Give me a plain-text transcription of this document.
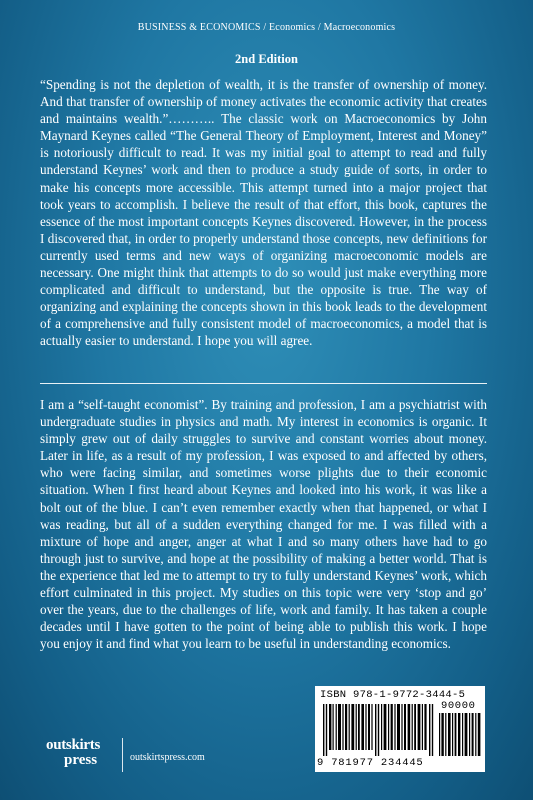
BUSINESS & ECONOMICS / Economics / Macroeconomics
2nd Edition

“Spending is not the depletion of wealth, it is the transfer of ownership of money. And that transfer of ownership of money activates the economic activity that creates and maintains wealth.”……….. The classic work on Macroeconomics by John Maynard Keynes called “The General Theory of Employment, Interest and Money” is notoriously difficult to read. It was my initial goal to attempt to read and fully understand Keynes’ work and then to produce a study guide of sorts, in order to make his concepts more accessible. This attempt turned into a major project that took years to accomplish. I believe the result of that effort, this book, captures the essence of the most important concepts Keynes discovered. However, in the process I discovered that, in order to properly understand those concepts, new definitions for currently used terms and new ways of organizing macroeconomic models are necessary. One might think that attempts to do so would just make everything more complicated and difficult to understand, but the opposite is true. The way of organizing and explaining the concepts shown in this book leads to the development of a comprehensive and fully consistent model of macroeconomics, a model that is actually easier to understand. I hope you will agree.

I am a “self-taught economist”. By training and profession, I am a psychiatrist with undergraduate studies in physics and math. My interest in economics is organic. It simply grew out of daily struggles to survive and constant worries about money. Later in life, as a result of my profession, I was exposed to and affected by others, who were facing similar, and sometimes worse plights due to their economic situation. When I first heard about Keynes and looked into his work, it was like a bolt out of the blue. I can’t even remember exactly when that happened, or what I was reading, but all of a sudden everything changed for me. I was filled with a mixture of hope and anger, anger at what I and so many others have had to go through just to survive, and hope at the possibility of making a better world. That is the experience that led me to attempt to try to fully understand Keynes’ work, which effort culminated in this project. My studies on this topic were very ‘stop and go’ over the years, due to the challenges of life, work and family. It has taken a couple decades until I have gotten to the point of being able to publish this work. I hope you enjoy it and find what you learn to be useful in understanding economics.

outskirts
press	outskirtspress.com
ISBN 978-1-9772-3444-5
90000
9 781977 234445
